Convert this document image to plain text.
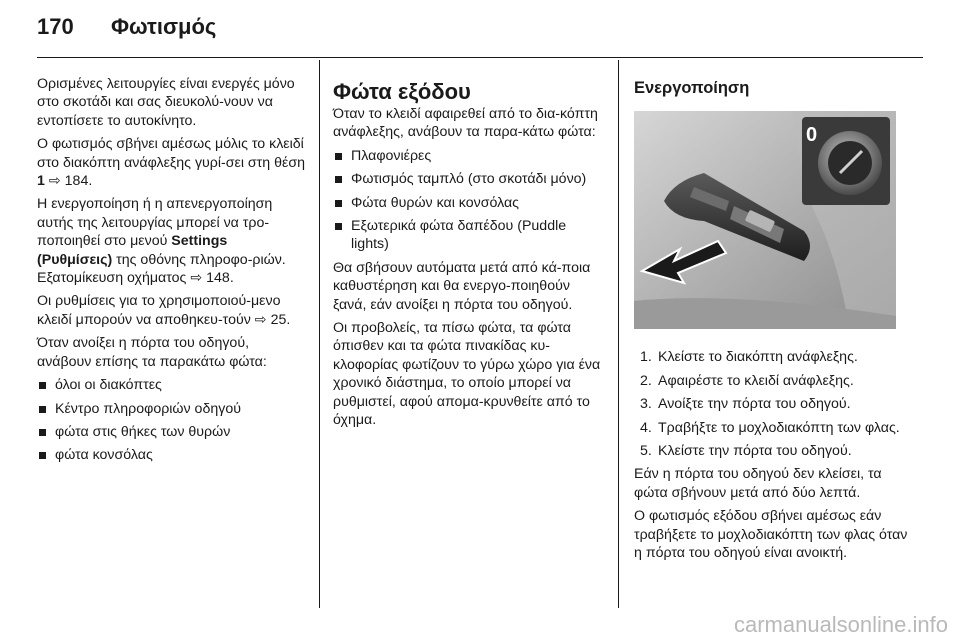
170 Φωτισμός

Ορισμένες λειτουργίες είναι ενεργές μόνο στο σκοτάδι και σας διευκολύ-νουν να εντοπίσετε το αυτοκίνητο.

Ο φωτισμός σβήνει αμέσως μόλις το κλειδί στο διακόπτη ανάφλεξης γυρί-σει στη θέση 1 ⇨ 184.

Η ενεργοποίηση ή η απενεργοποίηση αυτής της λειτουργίας μπορεί να τρο-ποποιηθεί στο μενού Settings (Ρυθμίσεις) της οθόνης πληροφο-ριών. Εξατομίκευση οχήματος ⇨ 148.

Οι ρυθμίσεις για το χρησιμοποιού-μενο κλειδί μπορούν να αποθηκευ-τούν ⇨ 25.

Όταν ανοίξει η πόρτα του οδηγού, ανάβουν επίσης τα παρακάτω φώτα:

όλοι οι διακόπτες
Κέντρο πληροφοριών οδηγού
φώτα στις θήκες των θυρών
φώτα κονσόλας
Φώτα εξόδου

Όταν το κλειδί αφαιρεθεί από το δια-κόπτη ανάφλεξης, ανάβουν τα παρα-κάτω φώτα:

Πλαφονιέρες
Φωτισμός ταμπλό (στο σκοτάδι μόνο)
Φώτα θυρών και κονσόλας
Εξωτερικά φώτα δαπέδου (Puddle lights)

Θα σβήσουν αυτόματα μετά από κά-ποια καθυστέρηση και θα ενεργο-ποιηθούν ξανά, εάν ανοίξει η πόρτα του οδηγού.

Οι προβολείς, τα πίσω φώτα, τα φώτα όπισθεν και τα φώτα πινακίδας κυ-κλοφορίας φωτίζουν το γύρω χώρο για ένα χρονικό διάστημα, το οποίο μπορεί να ρυθμιστεί, αφού απομα-κρυνθείτε από το όχημα.

Ενεργοποίηση
0
1. Κλείστε το διακόπτη ανάφλεξης.
2. Αφαιρέστε το κλειδί ανάφλεξης.
3. Ανοίξτε την πόρτα του οδηγού.
4. Τραβήξτε το μοχλοδιακόπτη των φλας.
5. Κλείστε την πόρτα του οδηγού.

Εάν η πόρτα του οδηγού δεν κλείσει, τα φώτα σβήνουν μετά από δύο λεπτά.

Ο φωτισμός εξόδου σβήνει αμέσως εάν τραβήξετε το μοχλοδιακόπτη των φλας όταν η πόρτα του οδηγού είναι ανοικτή.

carmanualsonline.info
